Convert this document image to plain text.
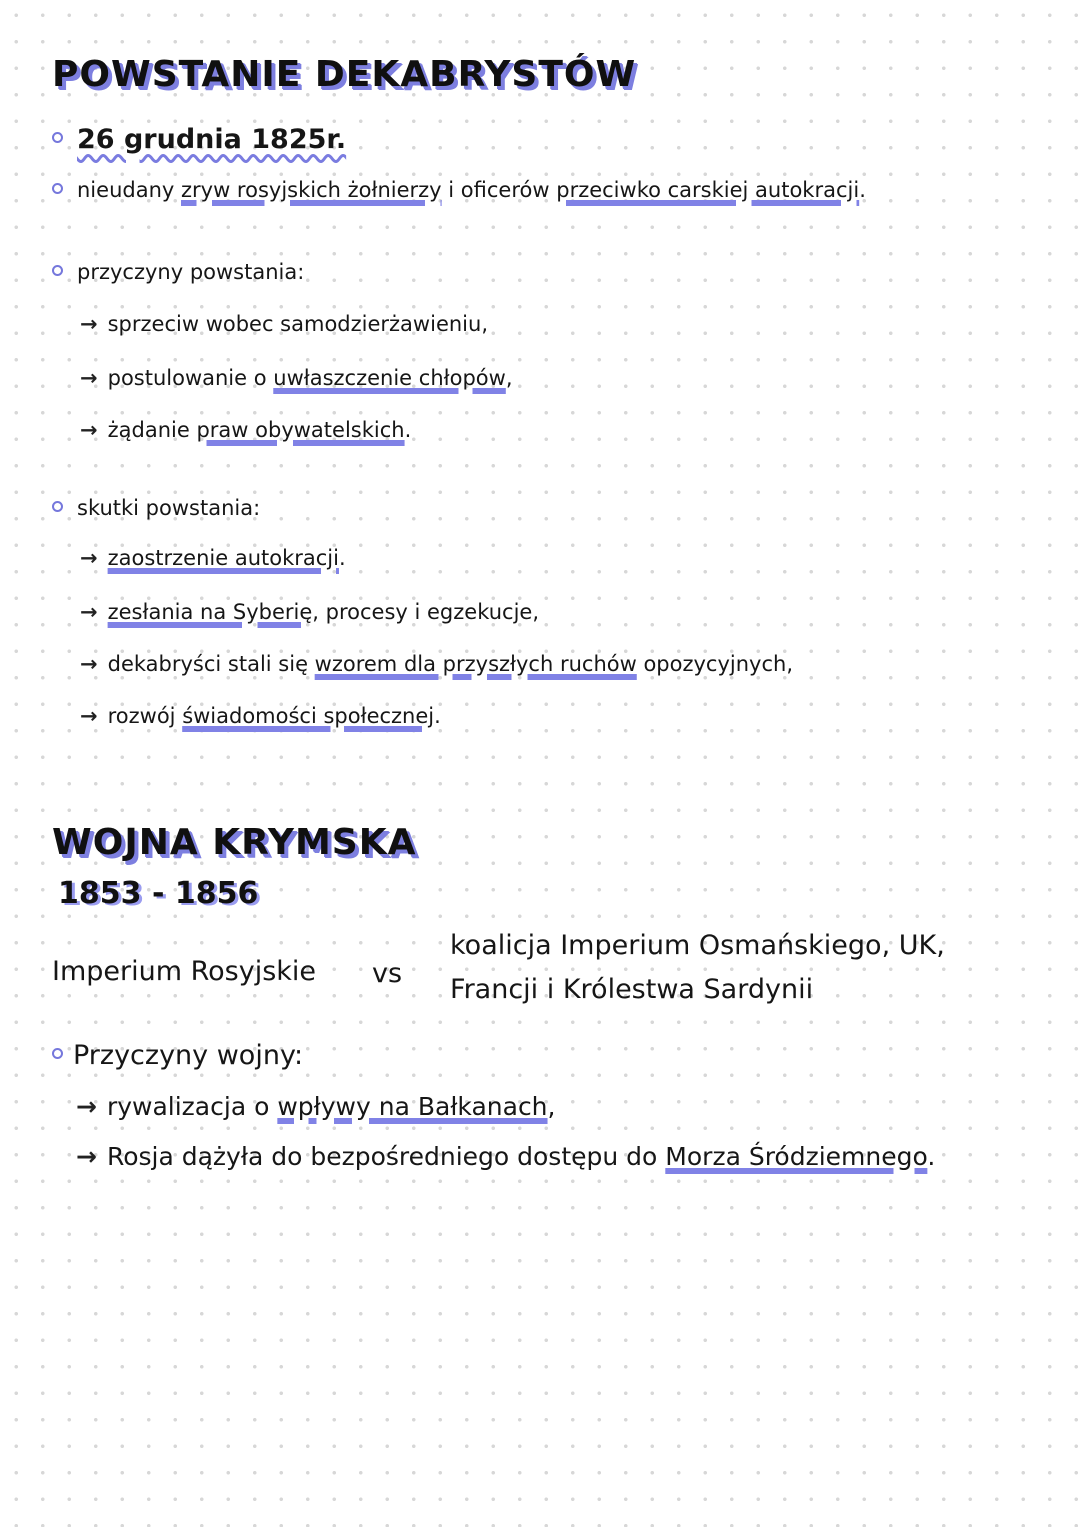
POWSTANIE DEKABRYSTÓW
26 grudnia 1825r.
nieudany zryw rosyjskich żołnierzy i oficerów przeciwko carskiej autokracji.
przyczyny powstania:
→sprzeciw wobec samodzierżawieniu,
→postulowanie o uwłaszczenie chłopów,
→żądanie praw obywatelskich.
skutki powstania:
→zaostrzenie autokracji.
→zesłania na Syberię, procesy i egzekucje,
→dekabryści stali się wzorem dla przyszłych ruchów opozycyjnych,
→rozwój świadomości społecznej.
WOJNA KRYMSKA
1853 - 1856
Imperium Rosyjskie vs
koalicja Imperium Osmańskiego, UK,
Francji i Królestwa Sardynii
Przyczyny wojny:
→rywalizacja o wpływy na Bałkanach,
→Rosja dążyła do bezpośredniego dostępu do Morza Śródziemnego.
